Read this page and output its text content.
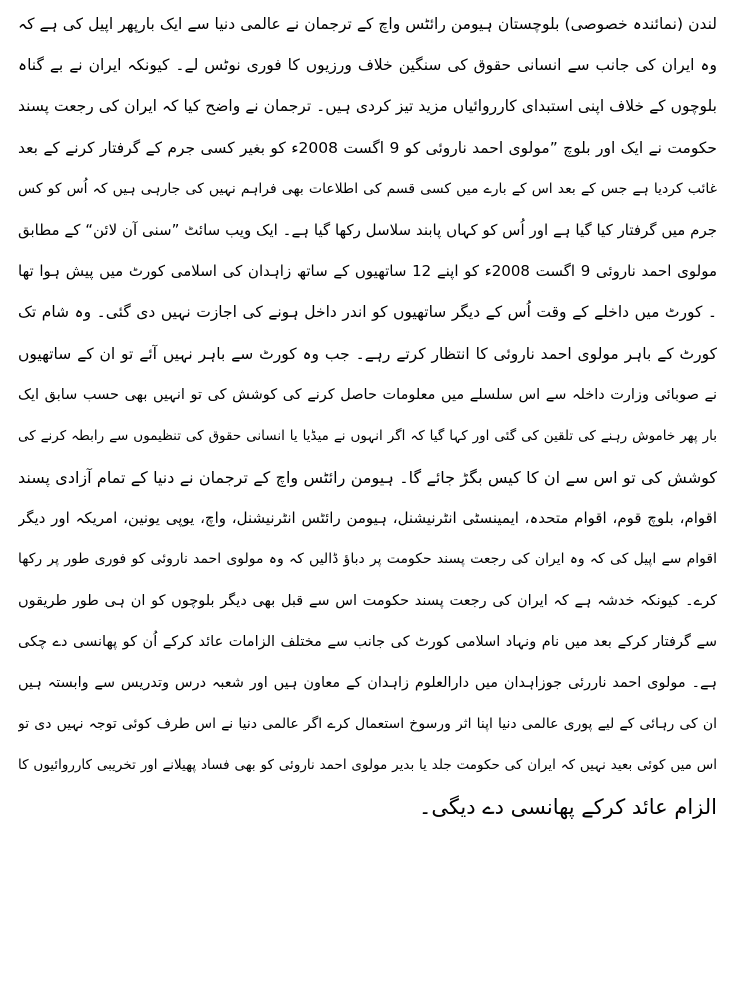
لندن (نمائندہ خصوصی) بلوچستان ہیومن رائٹس واچ کے ترجمان نے عالمی دنیا سے ایک بارپھر اپیل کی ہے کہ
وہ ایران کی جانب سے انسانی حقوق کی سنگین خلاف ورزیوں کا فوری نوٹس لے۔ کیونکہ ایران نے بے گناہ
بلوچوں کے خلاف اپنی استبدای کارروائیاں مزید تیز کردی ہیں۔ ترجمان نے واضح کیا کہ ایران کی رجعت پسند
حکومت نے ایک اور بلوچ ”مولوی احمد ناروئی کو 9 اگست 2008ء کو بغیر کسی جرم کے گرفتار کرنے کے بعد
غائب کردیا ہے جس کے بعد اس کے بارے میں کسی قسم کی اطلاعات بھی فراہم نہیں کی جارہی ہیں کہ اُس کو کس
جرم میں گرفتار کیا گیا ہے اور اُس کو کہاں پابند سلاسل رکھا گیا ہے۔ ایک ویب سائٹ ”سنی آن لائن“ کے مطابق
مولوی احمد ناروئی 9 اگست 2008ء کو اپنے 12 ساتھیوں کے ساتھ زاہدان کی اسلامی کورٹ میں پیش ہوا تھا
۔ کورٹ میں داخلے کے وقت اُس کے دیگر ساتھیوں کو اندر داخل ہونے کی اجازت نہیں دی گئی۔ وہ شام تک
کورٹ کے باہر مولوی احمد ناروئی کا انتظار کرتے رہے۔ جب وہ کورٹ سے باہر نہیں آئے تو ان کے ساتھیوں
نے صوبائی وزارت داخلہ سے اس سلسلے میں معلومات حاصل کرنے کی کوشش کی تو انہیں بھی حسب سابق ایک
بار پھر خاموش رہنے کی تلقین کی گئی اور کہا گیا کہ اگر انہوں نے میڈیا یا انسانی حقوق کی تنظیموں سے رابطہ کرنے کی
کوشش کی تو اس سے ان کا کیس بگڑ جائے گا۔ ہیومن رائٹس واچ کے ترجمان نے دنیا کے تمام آزادی پسند
اقوام، بلوچ قوم، اقوام متحدہ، ایمینسٹی انٹرنیشنل، ہیومن رائٹس انٹرنیشنل، واچ، یوپی یونین، امریکہ اور دیگر
اقوام سے اپیل کی کہ وہ ایران کی رجعت پسند حکومت پر دباؤ ڈالیں کہ وہ مولوی احمد ناروئی کو فوری طور پر رکھا
کرے۔ کیونکہ خدشہ ہے کہ ایران کی رجعت پسند حکومت اس سے قبل بھی دیگر بلوچوں کو ان ہی طور طریقوں
سے گرفتار کرکے بعد میں نام ونہاد اسلامی کورٹ کی جانب سے مختلف الزامات عائد کرکے اُن کو پھانسی دے چکی
ہے۔ مولوی احمد ناررئی جوزاہدان میں دارالعلوم زاہدان کے معاون ہیں اور شعبہ درس وتدریس سے وابستہ ہیں
ان کی رہائی کے لیے پوری عالمی دنیا اپنا اثر ورسوخ استعمال کرے اگر عالمی دنیا نے اس طرف کوئی توجہ نہیں دی تو
اس میں کوئی بعید نہیں کہ ایران کی حکومت جلد یا بدیر مولوی احمد ناروئی کو بھی فساد پھیلانے اور تخریبی کارروائیوں کا
الزام عائد کرکے پھانسی دے دیگی۔
